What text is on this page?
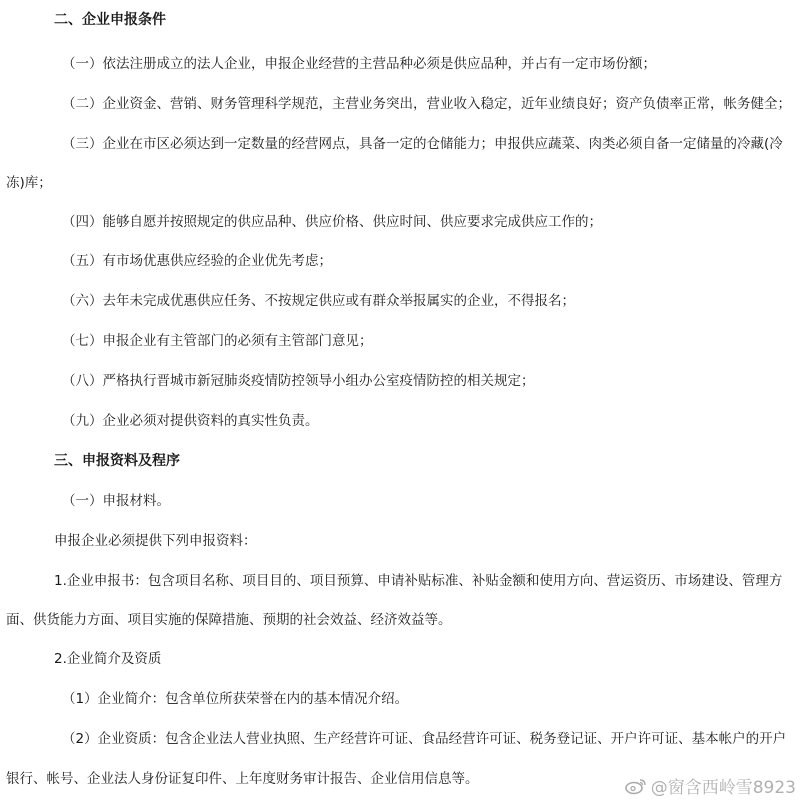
二、企业申报条件
（一）依法注册成立的法人企业，申报企业经营的主营品种必须是供应品种，并占有一定市场份额；
（二）企业资金、营销、财务管理科学规范，主营业务突出，营业收入稳定，近年业绩良好；资产负债率正常，帐务健全；
（三）企业在市区必须达到一定数量的经营网点，具备一定的仓储能力；申报供应蔬菜、肉类必须自备一定储量的冷藏(冷
冻)库；
（四）能够自愿并按照规定的供应品种、供应价格、供应时间、供应要求完成供应工作的；
（五）有市场优惠供应经验的企业优先考虑；
（六）去年未完成优惠供应任务、不按规定供应或有群众举报属实的企业，不得报名；
（七）申报企业有主管部门的必须有主管部门意见；
（八）严格执行晋城市新冠肺炎疫情防控领导小组办公室疫情防控的相关规定；
（九）企业必须对提供资料的真实性负责。
三、申报资料及程序
（一）申报材料。
申报企业必须提供下列申报资料：
1.企业申报书：包含项目名称、项目目的、项目预算、申请补贴标准、补贴金额和使用方向、营运资历、市场建设、管理方
面、供货能力方面、项目实施的保障措施、预期的社会效益、经济效益等。
2.企业简介及资质
（1）企业简介：包含单位所获荣誉在内的基本情况介绍。
（2）企业资质：包含企业法人营业执照、生产经营许可证、食品经营许可证、税务登记证、开户许可证、基本帐户的开户
银行、帐号、企业法人身份证复印件、上年度财务审计报告、企业信用信息等。	@窗含西岭雪8923
